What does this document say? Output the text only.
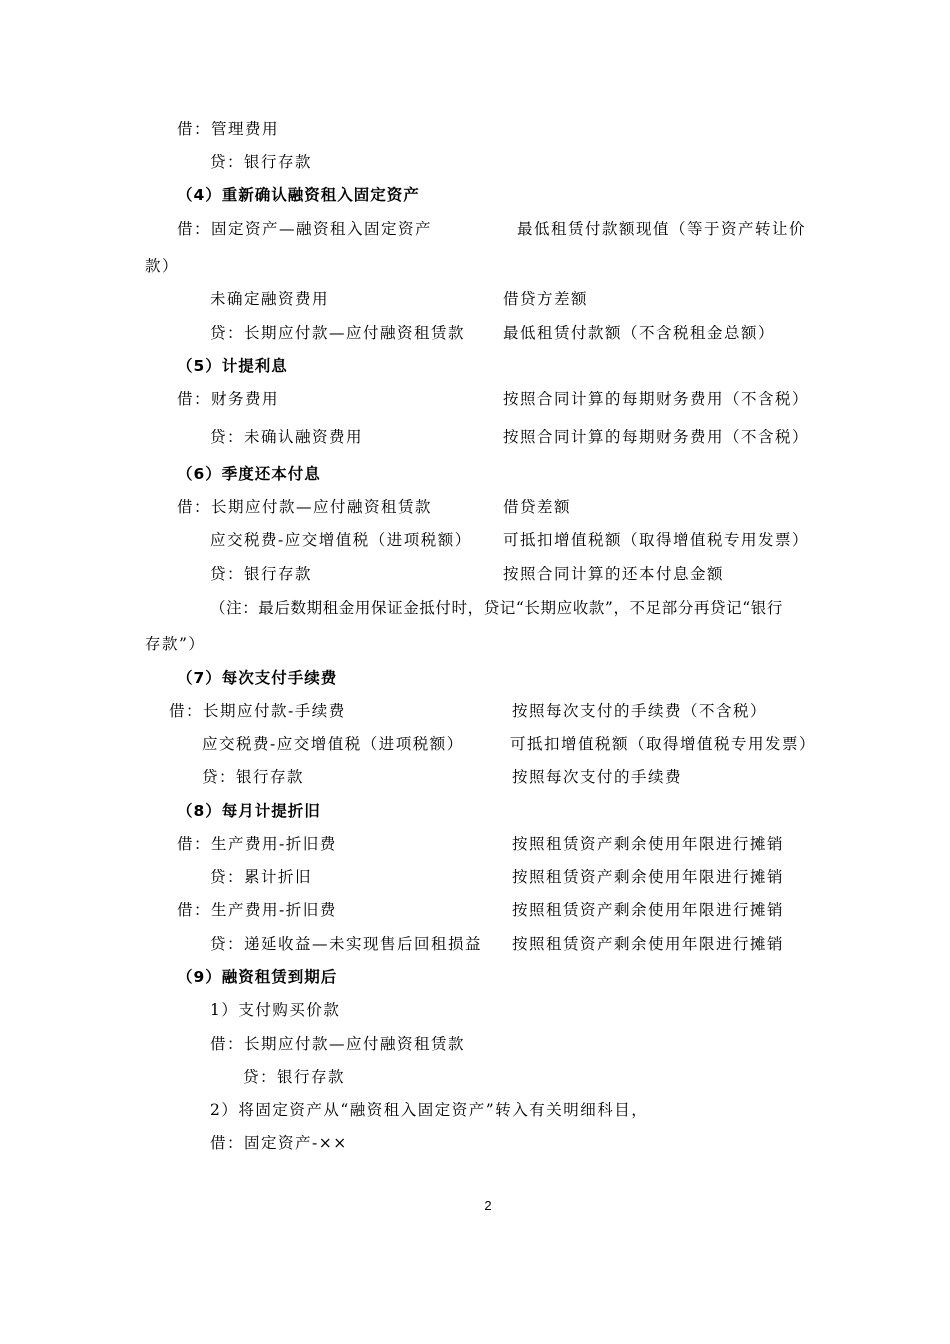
借：管理费用
贷：银行存款
（4）重新确认融资租入固定资产
借：固定资产—融资租入固定资产	最低租赁付款额现值（等于资产转让价
款）
未确定融资费用	借贷方差额
贷：长期应付款—应付融资租赁款 最低租赁付款额（不含税租金总额）
（5）计提利息
借：财务费用	按照合同计算的每期财务费用（不含税）
贷：未确认融资费用	按照合同计算的每期财务费用（不含税）
（6）季度还本付息
借：长期应付款—应付融资租赁款	借贷差额
应交税费-应交增值税（进项税额） 可抵扣增值税额（取得增值税专用发票）
贷：银行存款	按照合同计算的还本付息金额
（注：最后数期租金用保证金抵付时，贷记“长期应收款”，不足部分再贷记“银行
存款”）
（7）每次支付手续费
借：长期应付款-手续费	按照每次支付的手续费（不含税）
应交税费-应交增值税（进项税额）	可抵扣增值税额（取得增值税专用发票）
贷：银行存款	按照每次支付的手续费
（8）每月计提折旧
借：生产费用-折旧费	按照租赁资产剩余使用年限进行摊销
贷：累计折旧	按照租赁资产剩余使用年限进行摊销
借：生产费用-折旧费	按照租赁资产剩余使用年限进行摊销
贷：递延收益—未实现售后回租损益 按照租赁资产剩余使用年限进行摊销
（9）融资租赁到期后
1）支付购买价款
借：长期应付款—应付融资租赁款
贷：银行存款
2）将固定资产从“融资租入固定资产”转入有关明细科目，
借：固定资产-××
2
